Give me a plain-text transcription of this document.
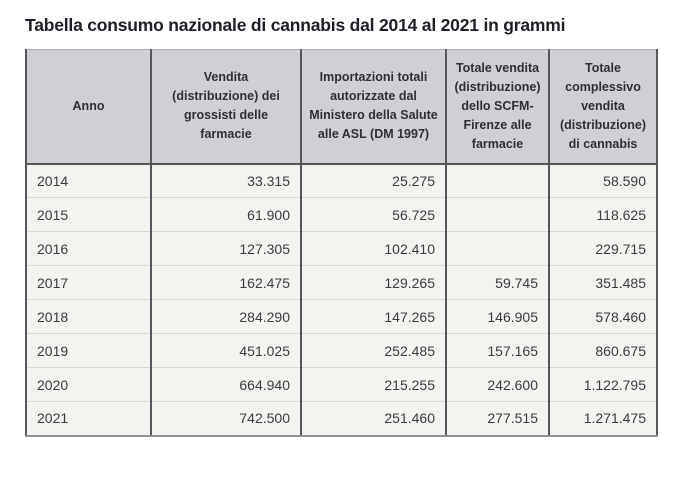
Tabella consumo nazionale di cannabis dal 2014 al 2021 in grammi
Anno	Vendita (distribuzione) dei grossisti delle farmacie	Importazioni totali autorizzate dal Ministero della Salute alle ASL (DM 1997)	Totale vendita (distribuzione) dello SCFM-Firenze alle farmacie	Totale complessivo vendita (distribuzione) di cannabis
2014	33.315	25.275		58.590
2015	61.900	56.725		118.625
2016	127.305	102.410		229.715
2017	162.475	129.265	59.745	351.485
2018	284.290	147.265	146.905	578.460
2019	451.025	252.485	157.165	860.675
2020	664.940	215.255	242.600	1.122.795
2021	742.500	251.460	277.515	1.271.475
